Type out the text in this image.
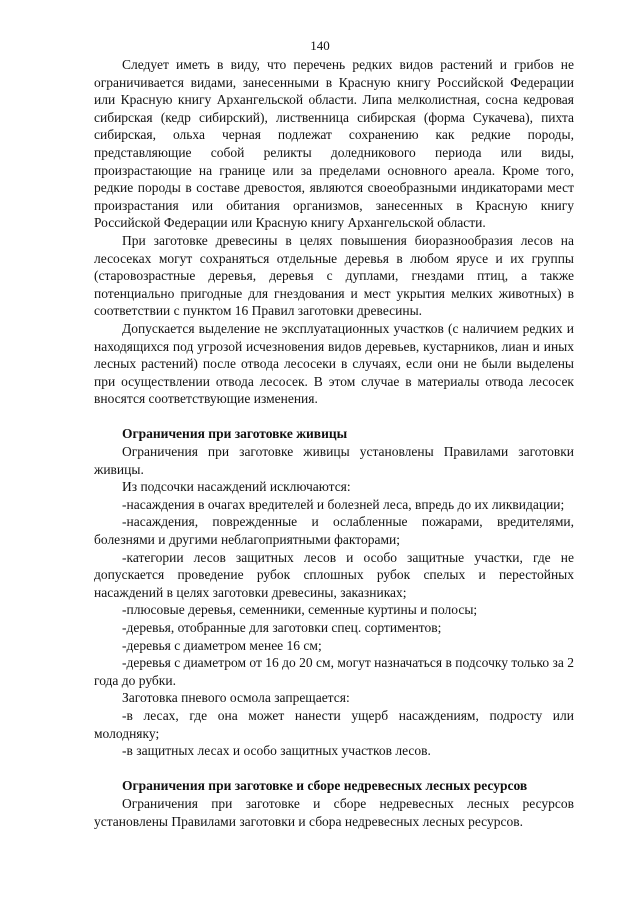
140

Следует иметь в виду, что перечень редких видов растений и грибов не ограничивается видами, занесенными в Красную книгу Российской Федерации или Красную книгу Архангельской области. Липа мелколистная, сосна кедровая сибирская (кедр сибирский), лиственница сибирская (форма Сукачева), пихта сибирская, ольха черная подлежат сохранению как редкие породы, представляющие собой реликты доледникового периода или виды, произрастающие на границе или за пределами основного ареала. Кроме того, редкие породы в составе древостоя, являются своеобразными индикаторами мест произрастания или обитания организмов, занесенных в Красную книгу Российской Федерации или Красную книгу Архангельской области.

При заготовке древесины в целях повышения биоразнообразия лесов на лесосеках могут сохраняться отдельные деревья в любом ярусе и их группы (старовозрастные деревья, деревья с дуплами, гнездами птиц, а также потенциально пригодные для гнездования и мест укрытия мелких животных) в соответствии с пунктом 16 Правил заготовки древесины.

Допускается выделение не эксплуатационных участков (с наличием редких и находящихся под угрозой исчезновения видов деревьев, кустарников, лиан и иных лесных растений) после отвода лесосеки в случаях, если они не были выделены при осуществлении отвода лесосек. В этом случае в материалы отвода лесосек вносятся соответствующие изменения.

Ограничения при заготовке живицы

Ограничения при заготовке живицы установлены Правилами заготовки живицы.

Из подсочки насаждений исключаются:

-насаждения в очагах вредителей и болезней леса, впредь до их ликвидации;

-насаждения, поврежденные и ослабленные пожарами, вредителями, болезнями и другими неблагоприятными факторами;

-категории лесов защитных лесов и особо защитные участки, где не допускается проведение рубок сплошных рубок спелых и перестойных насаждений в целях заготовки древесины, заказниках;

-плюсовые деревья, семенники, семенные куртины и полосы;

-деревья, отобранные для заготовки спец. сортиментов;

-деревья с диаметром менее 16 см;

-деревья с диаметром от 16 до 20 см, могут назначаться в подсочку только за 2 года до рубки.

Заготовка пневого осмола запрещается:

-в лесах, где она может нанести ущерб насаждениям, подросту или молодняку;

-в защитных лесах и особо защитных участков лесов.

Ограничения при заготовке и сборе недревесных лесных ресурсов

Ограничения при заготовке и сборе недревесных лесных ресурсов установлены Правилами заготовки и сбора недревесных лесных ресурсов.
